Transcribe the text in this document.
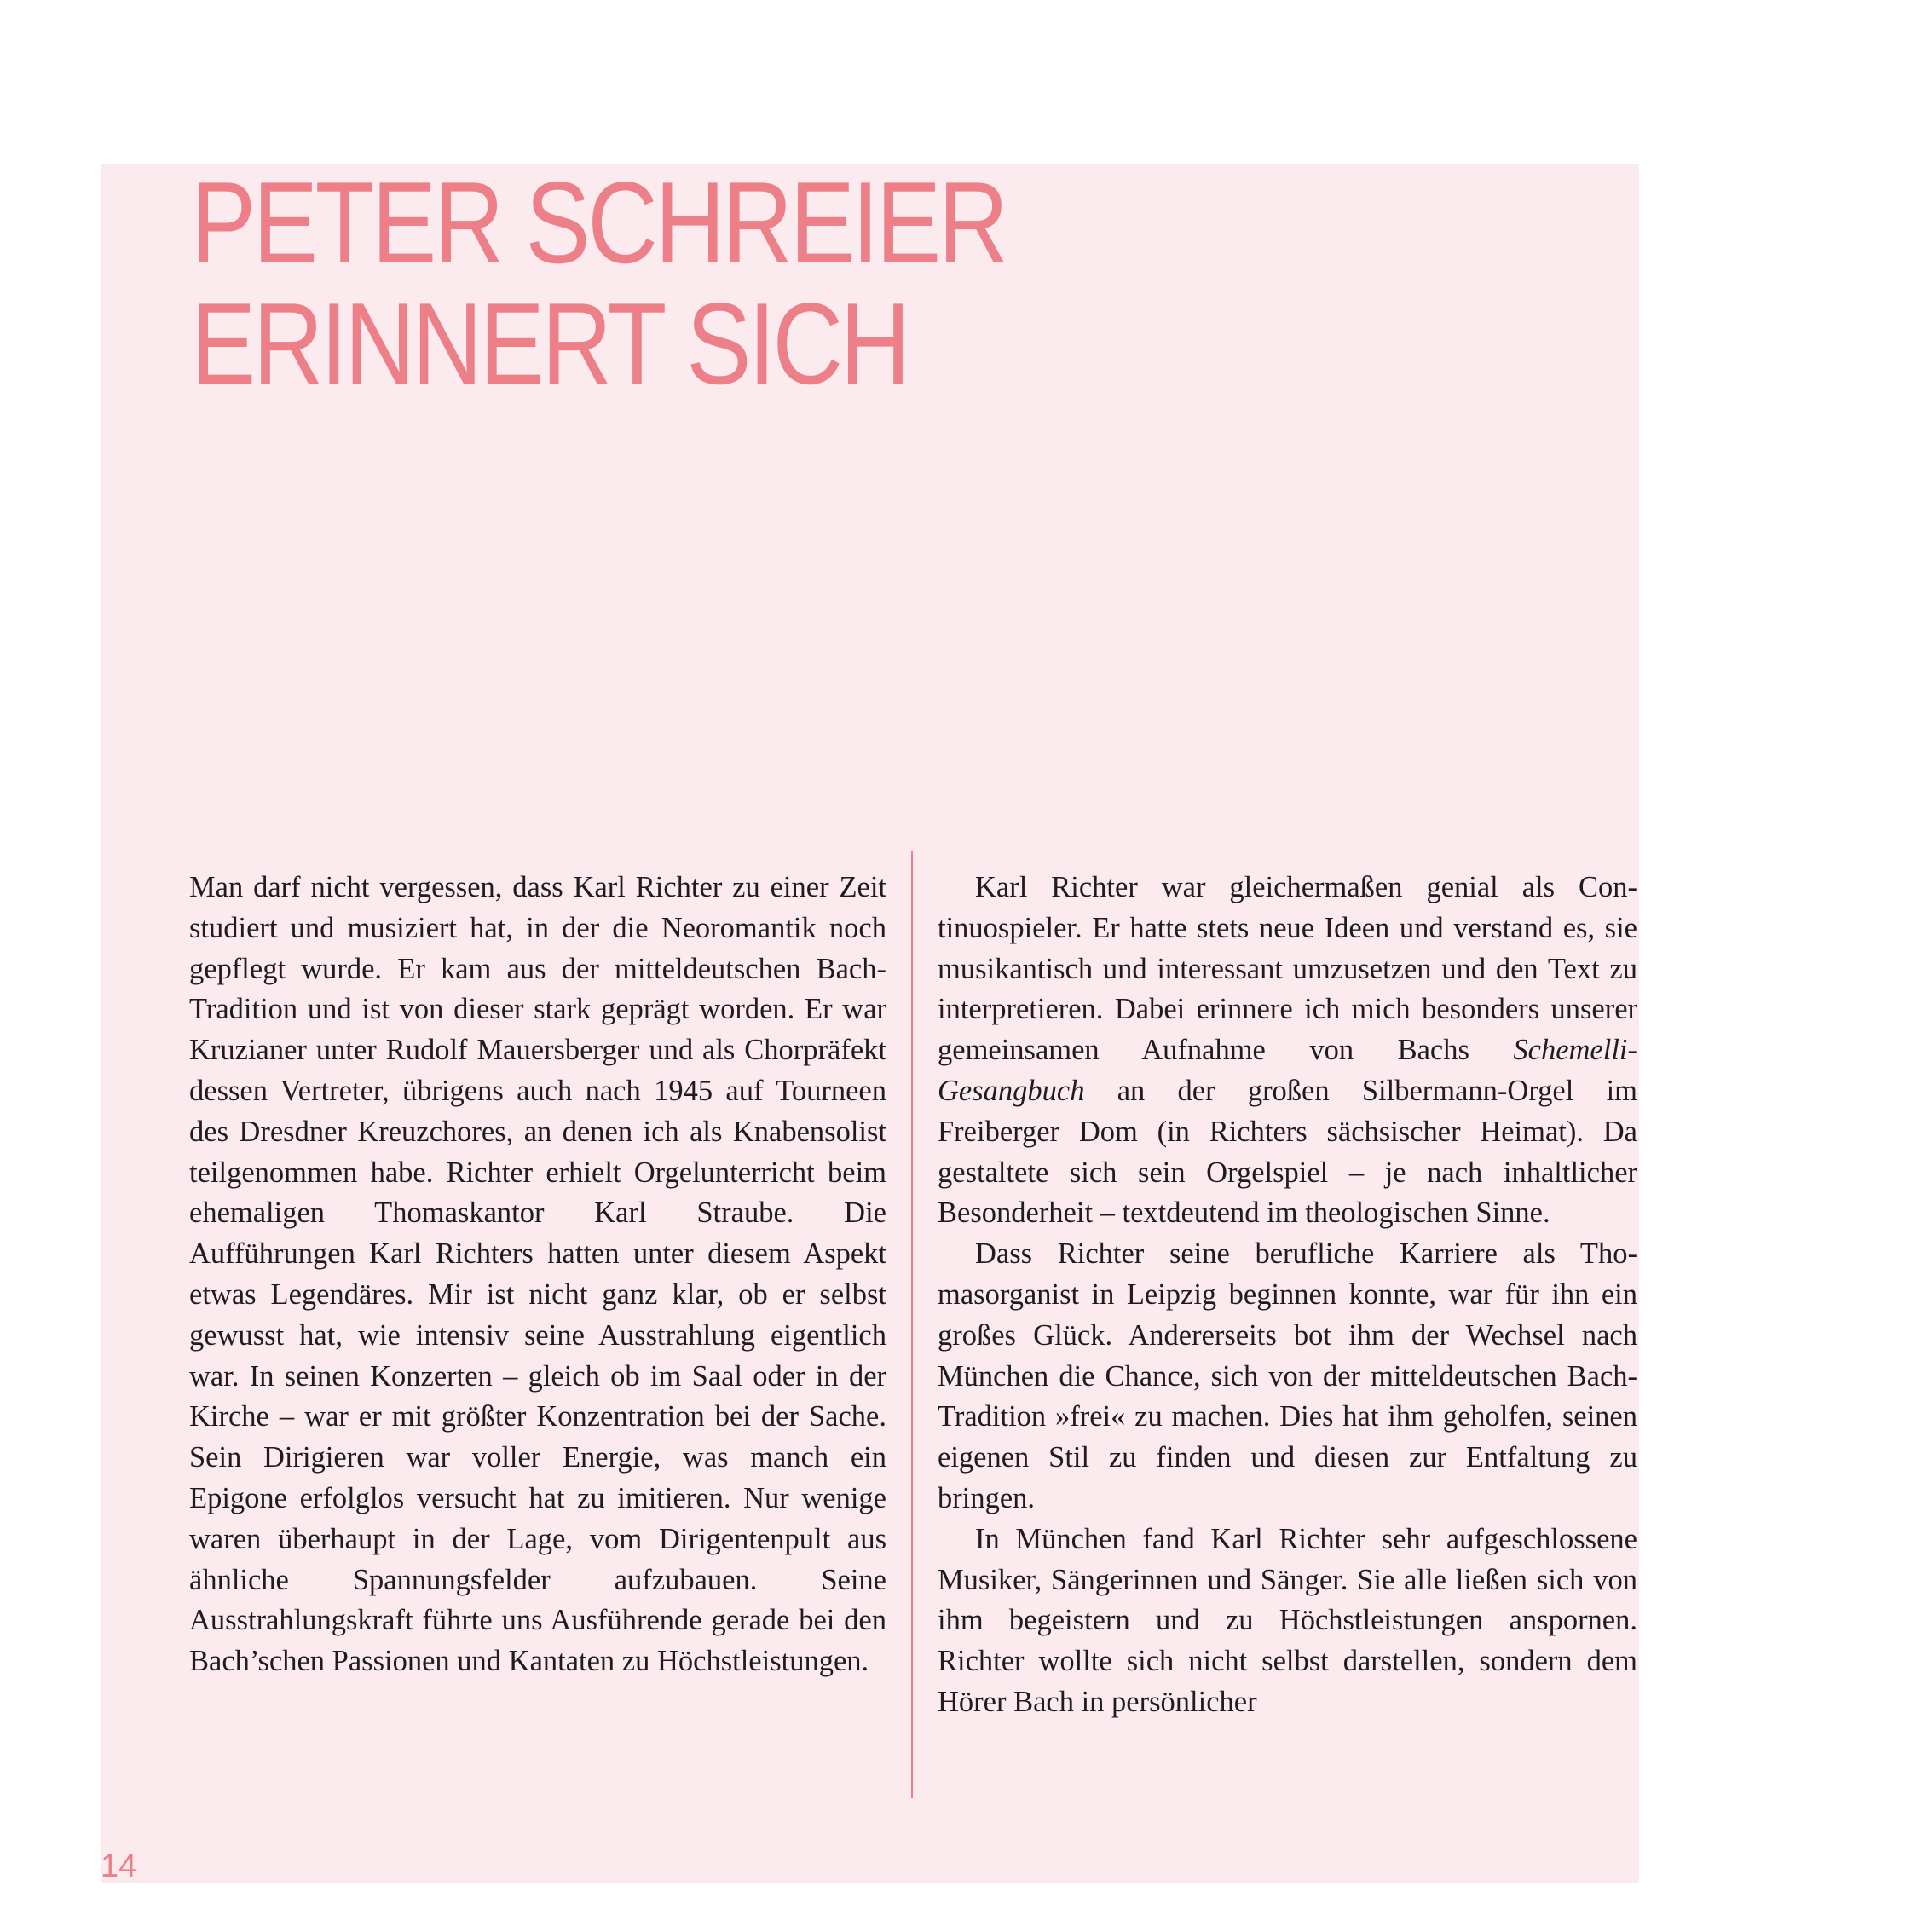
PETER SCHREIER
ERINNERT SICH

Man darf nicht vergessen, dass Karl Richter zu einer Zeit studiert und musiziert hat, in der die Neoromantik noch gepflegt wurde. Er kam aus der mitteldeutschen Bach-Tradition und ist von dieser stark geprägt worden. Er war Kruzianer unter Rudolf Mauersberger und als Chorpräfekt dessen Vertreter, übrigens auch nach 1945 auf Tourneen des Dresdner Kreuzchores, an denen ich als Knabensolist teilgenommen habe. Richter erhielt Orgelunterricht beim ehemaligen Thomaskantor Karl Straube. Die Aufführungen Karl Richters hatten unter diesem Aspekt etwas Legendäres. Mir ist nicht ganz klar, ob er selbst gewusst hat, wie intensiv seine Ausstrahlung eigentlich war. In seinen Konzerten – gleich ob im Saal oder in der Kirche – war er mit größter Konzentration bei der Sache. Sein Dirigieren war voller Energie, was manch ein Epigone erfolglos versucht hat zu imitieren. Nur wenige waren überhaupt in der Lage, vom Dirigentenpult aus ähnliche Spannungsfelder aufzubauen. Seine Ausstrahlungskraft führte uns Ausführende gerade bei den Bach’schen Passionen und Kantaten zu Höchstleistungen.

Karl Richter war gleichermaßen genial als Continuospieler. Er hatte stets neue Ideen und verstand es, sie musikantisch und interessant umzusetzen und den Text zu interpretieren. Dabei erinnere ich mich besonders unserer gemeinsamen Aufnahme von Bachs Schemelli-Gesangbuch an der großen Silbermann-Orgel im Freiberger Dom (in Richters sächsischer Heimat). Da gestaltete sich sein Orgelspiel – je nach inhaltlicher Besonderheit – textdeutend im theologischen Sinne.

Dass Richter seine berufliche Karriere als Thomasorganist in Leipzig beginnen konnte, war für ihn ein großes Glück. Andererseits bot ihm der Wechsel nach München die Chance, sich von der mitteldeutschen Bach-Tradition »frei« zu machen. Dies hat ihm geholfen, seinen eigenen Stil zu finden und diesen zur Entfaltung zu bringen.

In München fand Karl Richter sehr aufgeschlossene Musiker, Sängerinnen und Sänger. Sie alle ließen sich von ihm begeistern und zu Höchstleistungen anspornen. Richter wollte sich nicht selbst darstellen, sondern dem Hörer Bach in persönlicher

14
